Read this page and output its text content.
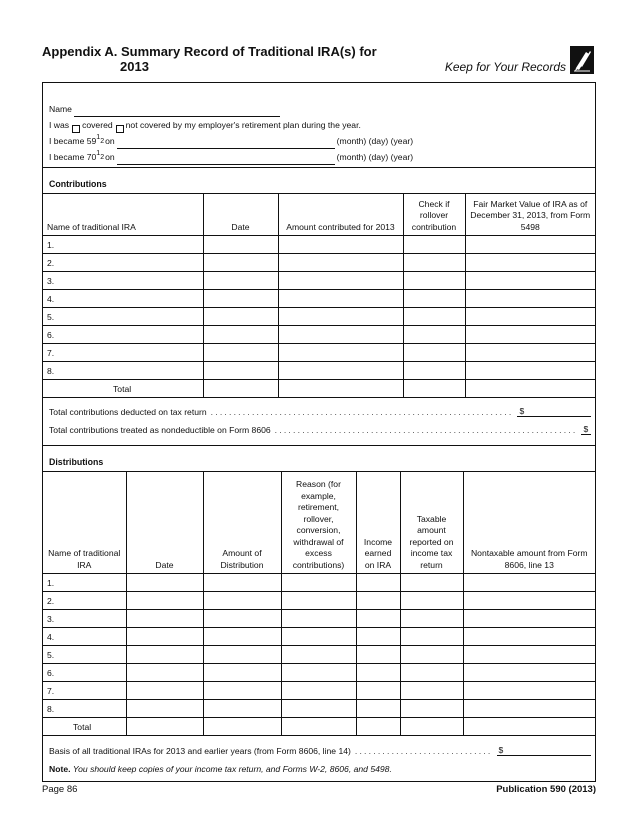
Appendix A. Summary Record of Traditional IRA(s) for
2013	Keep for Your Records
Name
I was covered not covered by my employer's retirement plan during the year.
I became 59 1
2 on	(month) (day) (year)
I became 70 1
2 on	(month) (day) (year)
Contributions
Name of traditional IRA	Date	Amount contributed for 2013	Check if rollover contribution	Fair Market Value of IRA as of December 31, 2013, from Form 5498
1.				
2.				
3.				
4.				
5.				
6.				
7.				
8.				
Total				
Total contributions deducted on tax return .................................................................. $
Total contributions treated as nondeductible on Form 8606 .................................................................. $
Distributions
Name of traditional IRA	Date	Amount of Distribution	Reason (for example, retirement, rollover, conversion, withdrawal of excess contributions)	Income earned on IRA	Taxable amount reported on income tax return	Nontaxable amount from Form 8606, line 13
1.						
2.						
3.						
4.						
5.						
6.						
7.						
8.						
Total						
Basis of all traditional IRAs for 2013 and earlier years (from Form 8606, line 14) .............................. $
Note. You should keep copies of your income tax return, and Forms W-2, 8606, and 5498.
Page 86	Publication 590 (2013)
